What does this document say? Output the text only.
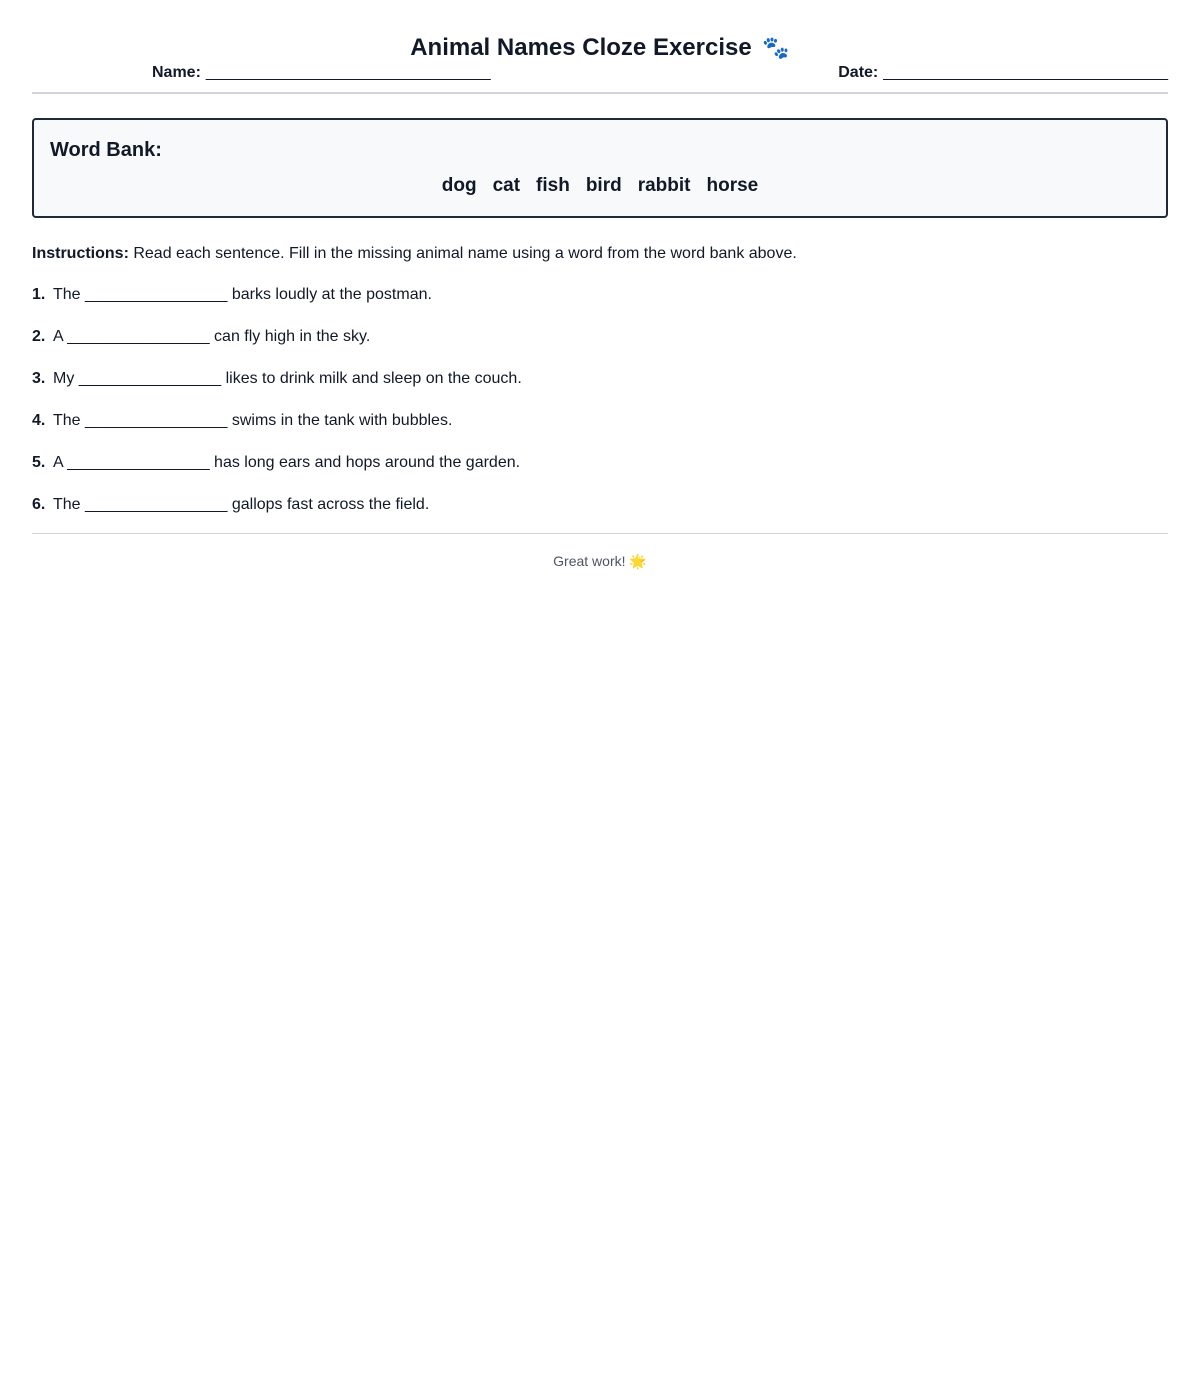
Animal Names Cloze Exercise 🐾
Name: ________________________________	Date: ________________________________
Word Bank:
dog cat fish bird rabbit horse

Instructions: Read each sentence. Fill in the missing animal name using a word from the word bank above.

1. The ________________ barks loudly at the postman.
2. A ________________ can fly high in the sky.
3. My ________________ likes to drink milk and sleep on the couch.
4. The ________________ swims in the tank with bubbles.
5. A ________________ has long ears and hops around the garden.
6. The ________________ gallops fast across the field.

Great work! 🌟
